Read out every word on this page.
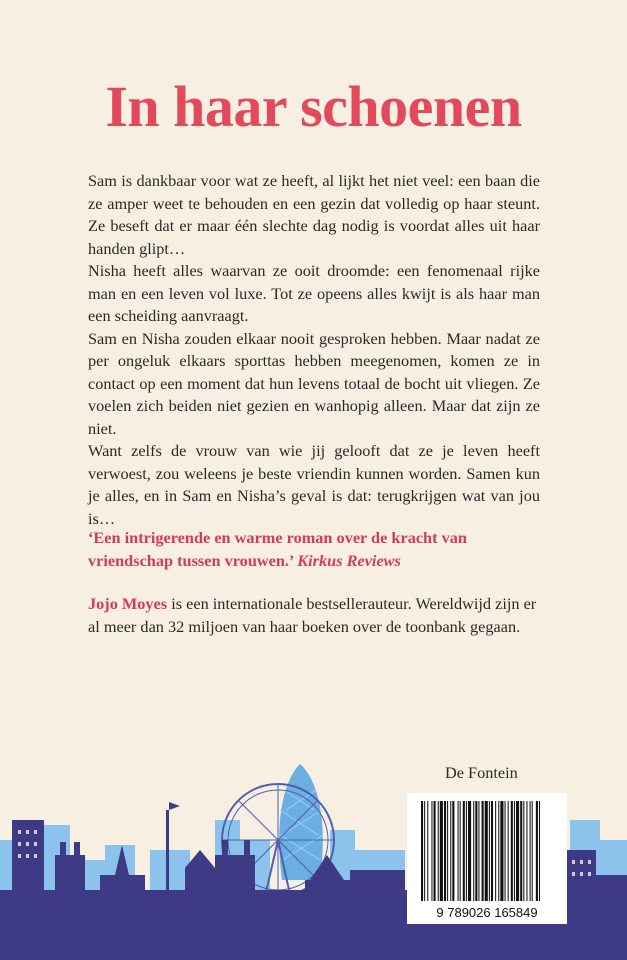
In haar schoenen

Sam is dankbaar voor wat ze heeft, al lijkt het niet veel: een baan die ze amper weet te behouden en een gezin dat volledig op haar steunt. Ze beseft dat er maar één slechte dag nodig is voordat alles uit haar handen glipt…

Nisha heeft alles waarvan ze ooit droomde: een fenomenaal rijke man en een leven vol luxe. Tot ze opeens alles kwijt is als haar man een scheiding aanvraagt.

Sam en Nisha zouden elkaar nooit gesproken hebben. Maar nadat ze per ongeluk elkaars sporttas hebben meegenomen, komen ze in contact op een moment dat hun levens totaal de bocht uit vliegen. Ze voelen zich beiden niet gezien en wanhopig alleen. Maar dat zijn ze niet.

Want zelfs de vrouw van wie jij gelooft dat ze je leven heeft verwoest, zou weleens je beste vriendin kunnen worden. Samen kun je alles, en in Sam en Nisha’s geval is dat: terugkrijgen wat van jou is…

‘Een intrigerende en warme roman over de kracht van vriendschap tussen vrouwen.’ Kirkus Reviews

Jojo Moyes is een internationale bestsellerauteur. Wereldwijd zijn er al meer dan 32 miljoen van haar boeken over de toonbank gegaan.

De Fontein

9 789026 165849
